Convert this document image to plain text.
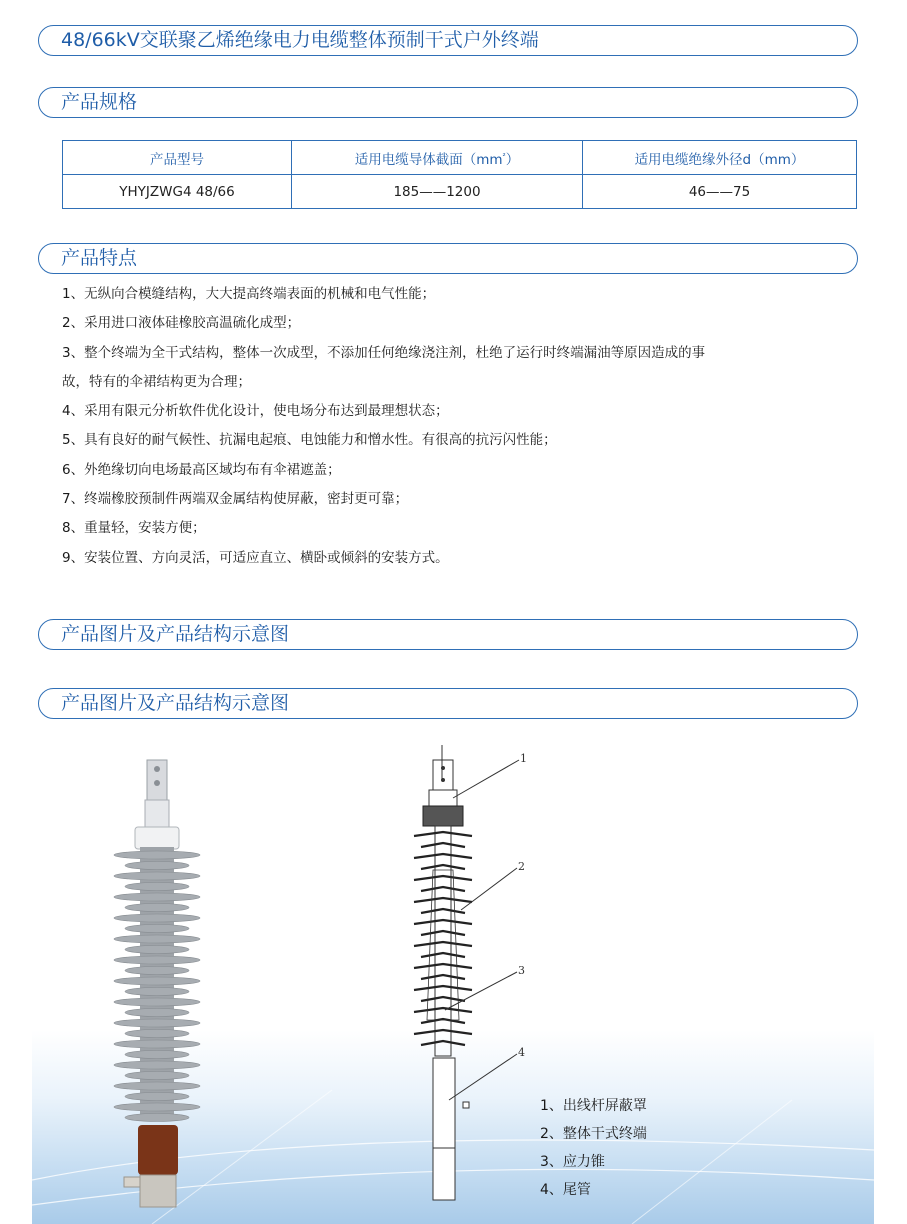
48/66kV交联聚乙烯绝缘电力电缆整体预制干式户外终端
产品规格
产品型号	适用电缆导体截面$(mm^{^2})$	适用电缆绝缘外径d（mm）
YHYJZWG4 48/66	185——1200	46——75
产品特点
1、无纵向合模缝结构，大大提高终端表面的机械和电气性能；
2、采用进口液体硅橡胶高温硫化成型；
3、整个终端为全干式结构，整体一次成型，不添加任何绝缘浇注剂，杜绝了运行时终端漏油等原因造成的事
故，特有的伞裙结构更为合理；
4、采用有限元分析软件优化设计，使电场分布达到最理想状态；
5、具有良好的耐气候性、抗漏电起痕、电蚀能力和憎水性。有很高的抗污闪性能；
6、外绝缘切向电场最高区域均布有伞裙遮盖；
7、终端橡胶预制件两端双金属结构使屏蔽，密封更可靠；
8、重量轻，安装方便；
9、安装位置、方向灵活，可适应直立、横卧或倾斜的安装方式。
产品图片及产品结构示意图
产品图片及产品结构示意图
1
2
3
4
1、出线杆屏蔽罩
2、整体干式终端
3、应力锥
4、尾管
